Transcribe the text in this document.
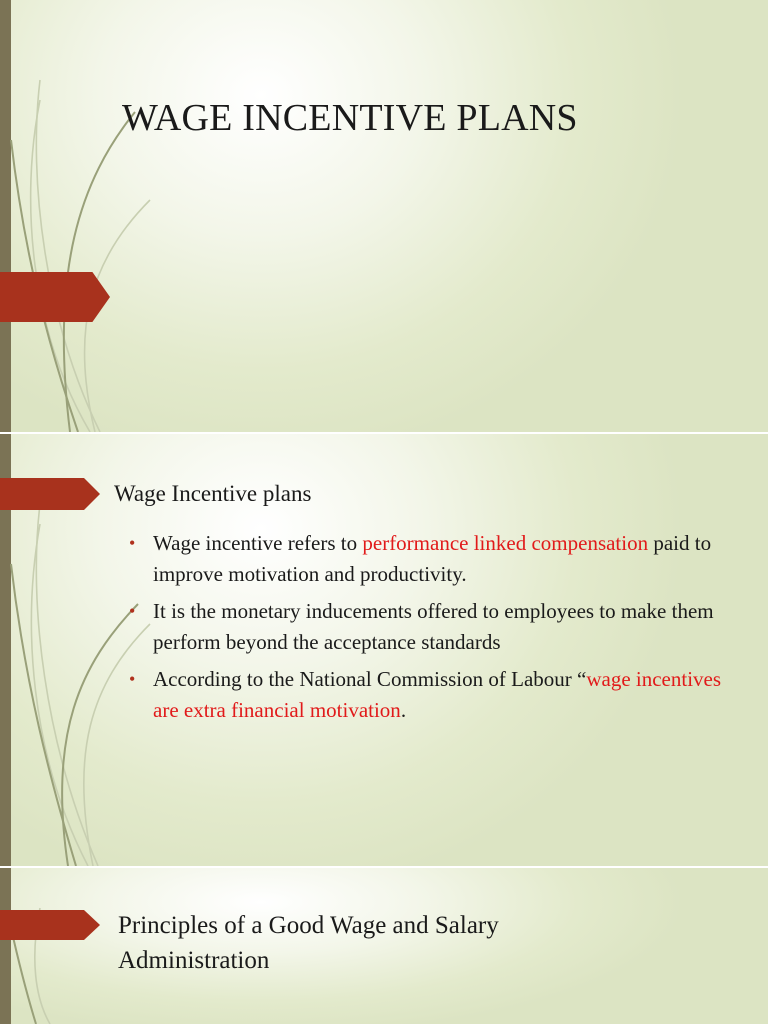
WAGE INCENTIVE PLANS
Wage Incentive plans
• Wage incentive refers to performance linked compensation paid to improve motivation and productivity.
• It is the monetary inducements offered to employees to make them perform beyond the acceptance standards
• According to the National Commission of Labour “wage incentives are extra financial motivation.
Principles of a Good Wage and Salary Administration
